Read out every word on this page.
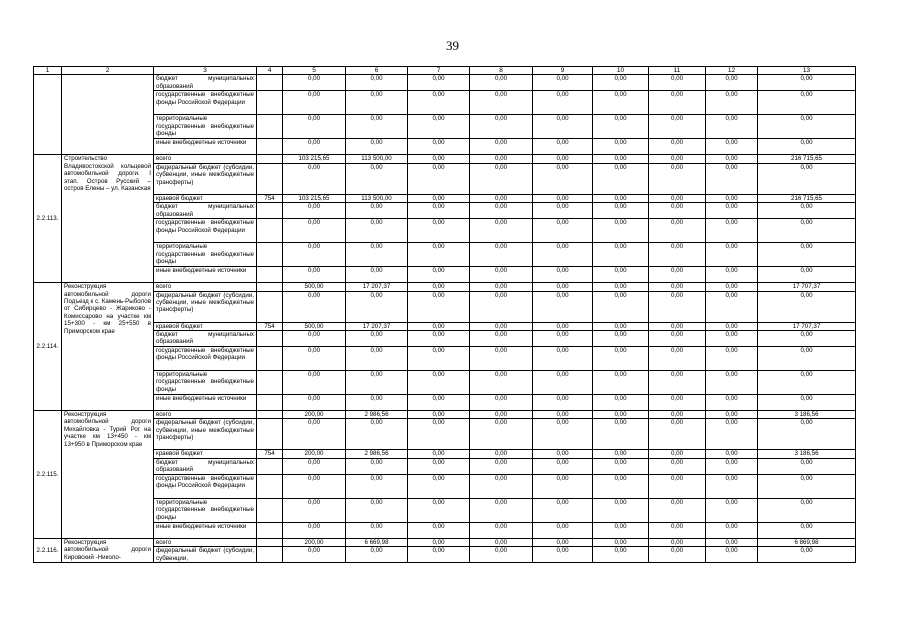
39
1	2	3	4	5	6	7	8	9	10	11	12	13
		бюджет муниципальных образований		0,00	0,00	0,00	0,00	0,00	0,00	0,00	0,00	0,00
		государственные внебюджетные фонды Российской Федерации		0,00	0,00	0,00	0,00	0,00	0,00	0,00	0,00	0,00
		территориальные государственные внебюджетные фонды		0,00	0,00	0,00	0,00	0,00	0,00	0,00	0,00	0,00
		иные внебюджетные источники		0,00	0,00	0,00	0,00	0,00	0,00	0,00	0,00	0,00
2.2.113.	Строительство Владивостокской кольцевой автомобильной дороги. I этап. Остров Русский – остров Елены – ул. Казанская	всего		103 215,65	113 500,00	0,00	0,00	0,00	0,00	0,00	0,00	216 715,65
		федеральный бюджет (субсидии, субвенции, иные межбюджетные трансферты)		0,00	0,00	0,00	0,00	0,00	0,00	0,00	0,00	0,00
		краевой бюджет	754	103 215,65	113 500,00	0,00	0,00	0,00	0,00	0,00	0,00	216 715,65
		бюджет муниципальных образований		0,00	0,00	0,00	0,00	0,00	0,00	0,00	0,00	0,00
		государственные внебюджетные фонды Российской Федерации		0,00	0,00	0,00	0,00	0,00	0,00	0,00	0,00	0,00
		территориальные государственные внебюджетные фонды		0,00	0,00	0,00	0,00	0,00	0,00	0,00	0,00	0,00
		иные внебюджетные источники		0,00	0,00	0,00	0,00	0,00	0,00	0,00	0,00	0,00
2.2.114.	Реконструкция автомобильной дороги Подъезд к с. Камень-Рыболов от Сибирцево - Жариково - Комиссарово на участке км 15+300 - км 25+550 в Приморском крае	всего		500,00	17 207,37	0,00	0,00	0,00	0,00	0,00	0,00	17 707,37
		федеральный бюджет (субсидии, субвенции, иные межбюджетные трансферты)		0,00	0,00	0,00	0,00	0,00	0,00	0,00	0,00	0,00
		краевой бюджет	754	500,00	17 207,37	0,00	0,00	0,00	0,00	0,00	0,00	17 707,37
		бюджет муниципальных образований		0,00	0,00	0,00	0,00	0,00	0,00	0,00	0,00	0,00
		государственные внебюджетные фонды Российской Федерации		0,00	0,00	0,00	0,00	0,00	0,00	0,00	0,00	0,00
		территориальные государственные внебюджетные фонды		0,00	0,00	0,00	0,00	0,00	0,00	0,00	0,00	0,00
		иные внебюджетные источники		0,00	0,00	0,00	0,00	0,00	0,00	0,00	0,00	0,00
2.2.115.	Реконструкция автомобильной дороги Михайловка - Турий Рог на участке км 13+450 - км 13+950 в Приморском крае	всего		200,00	2 986,56	0,00	0,00	0,00	0,00	0,00	0,00	3 186,56
		федеральный бюджет (субсидии, субвенции, иные межбюджетные трансферты)		0,00	0,00	0,00	0,00	0,00	0,00	0,00	0,00	0,00
		краевой бюджет	754	200,00	2 986,56	0,00	0,00	0,00	0,00	0,00	0,00	3 186,56
		бюджет муниципальных образований		0,00	0,00	0,00	0,00	0,00	0,00	0,00	0,00	0,00
		государственные внебюджетные фонды Российской Федерации		0,00	0,00	0,00	0,00	0,00	0,00	0,00	0,00	0,00
		территориальные государственные внебюджетные фонды		0,00	0,00	0,00	0,00	0,00	0,00	0,00	0,00	0,00
		иные внебюджетные источники		0,00	0,00	0,00	0,00	0,00	0,00	0,00	0,00	0,00
2.2.116.	Реконструкция автомобильной дороги Кировский -Николо-	всего		200,00	6 669,98	0,00	0,00	0,00	0,00	0,00	0,00	6 869,98
		федеральный бюджет (субсидии, субвенции,		0,00	0,00	0,00	0,00	0,00	0,00	0,00	0,00	0,00
